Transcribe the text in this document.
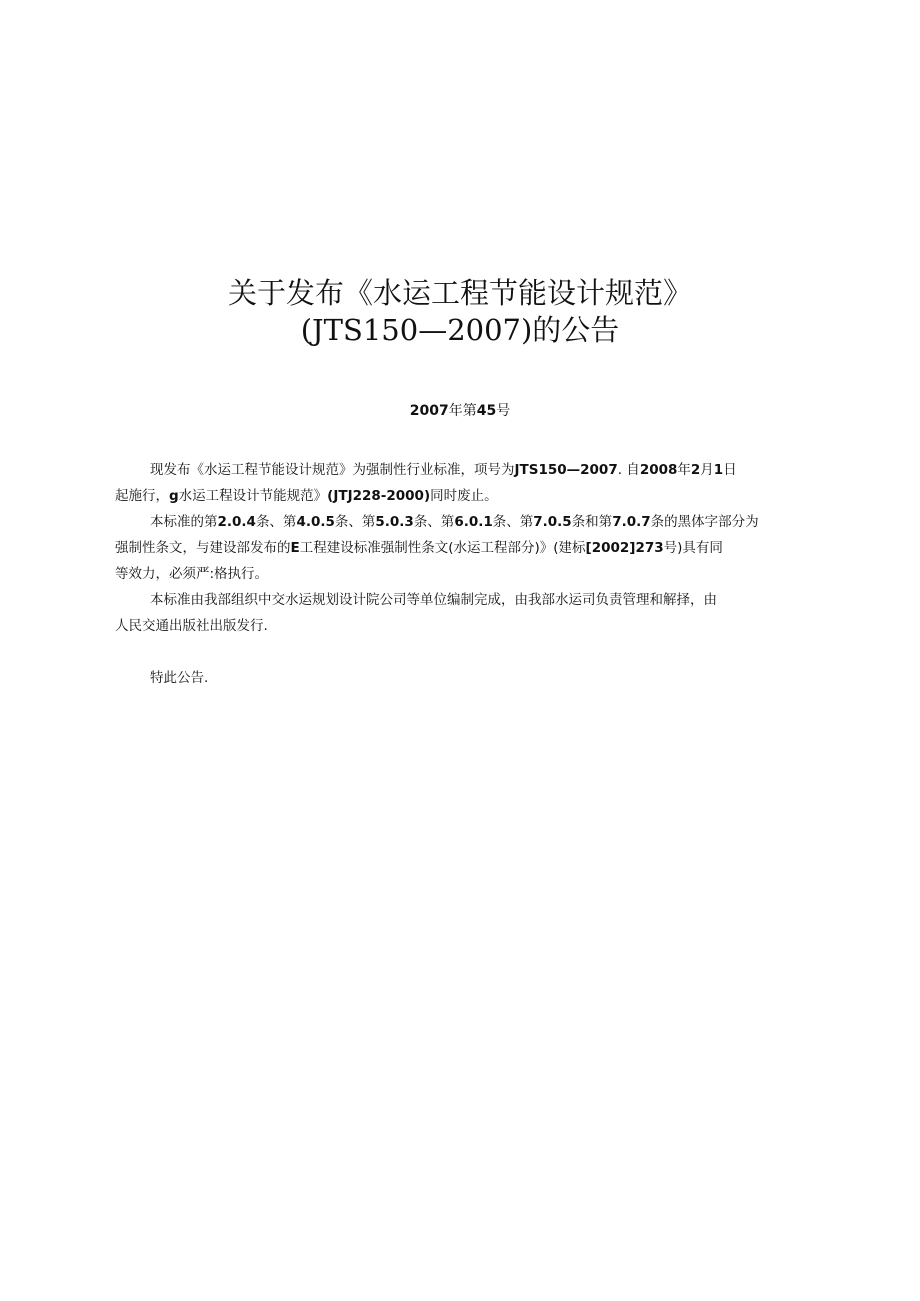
关于发布《水运工程节能设计规范》
(JTS150—2007)的公告
2007年第45号
现发布《水运工程节能设计规范》为强制性行业标准，项号为JTS150—2007. 自2008年2月1日
起施行，g水运工程设计节能规范》(JTJ228-2000)同时废止。
本标准的第2.0.4条、第4.0.5条、第5.0.3条、第6.0.1条、第7.0.5条和第7.0.7条的黑体字部分为
强制性条文，与建设部发布的E工程建设标准强制性条文(水运工程部分)》(建标[2002]273号)具有同
等效力，必须严:格执行。
本标准由我部组织中交水运规划设计院公司等单位编制完成，由我部水运司负责管理和解择，由
人民交通出版社出版发行.
特此公告.
